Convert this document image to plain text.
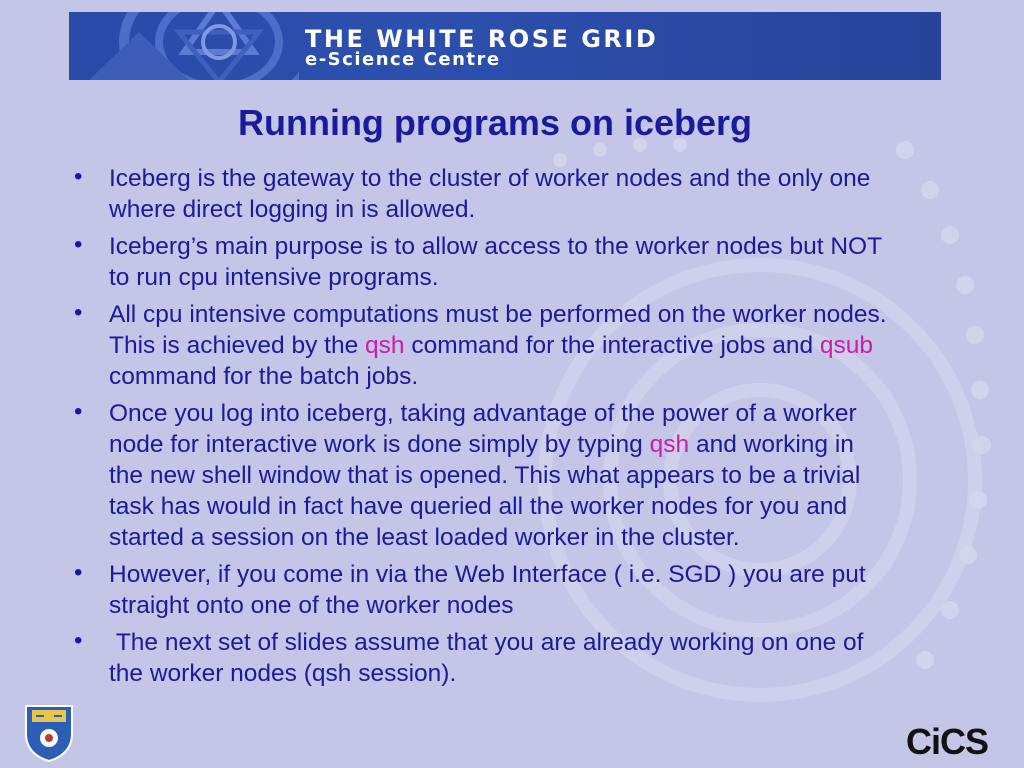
THE WHITE ROSE GRID
e-Science Centre
Running programs on iceberg
•	Iceberg is the gateway to the cluster of worker nodes and the only one where direct logging in is allowed.
•	Iceberg’s main purpose is to allow access to the worker nodes but NOT to run cpu intensive programs.
•	All cpu intensive computations must be performed on the worker nodes. This is achieved by the qsh command for the interactive jobs and qsub command for the batch jobs.
•	Once you log into iceberg, taking advantage of the power of a worker node for interactive work is done simply by typing qsh and working in the new shell window that is opened. This what appears to be a trivial task has would in fact have queried all the worker nodes for you and started a session on the least loaded worker in the cluster.
•	However, if you come in via the Web Interface ( i.e. SGD ) you are put straight onto one of the worker nodes
•	The next set of slides assume that you are already working on one of the worker nodes (qsh session).
CiCS
